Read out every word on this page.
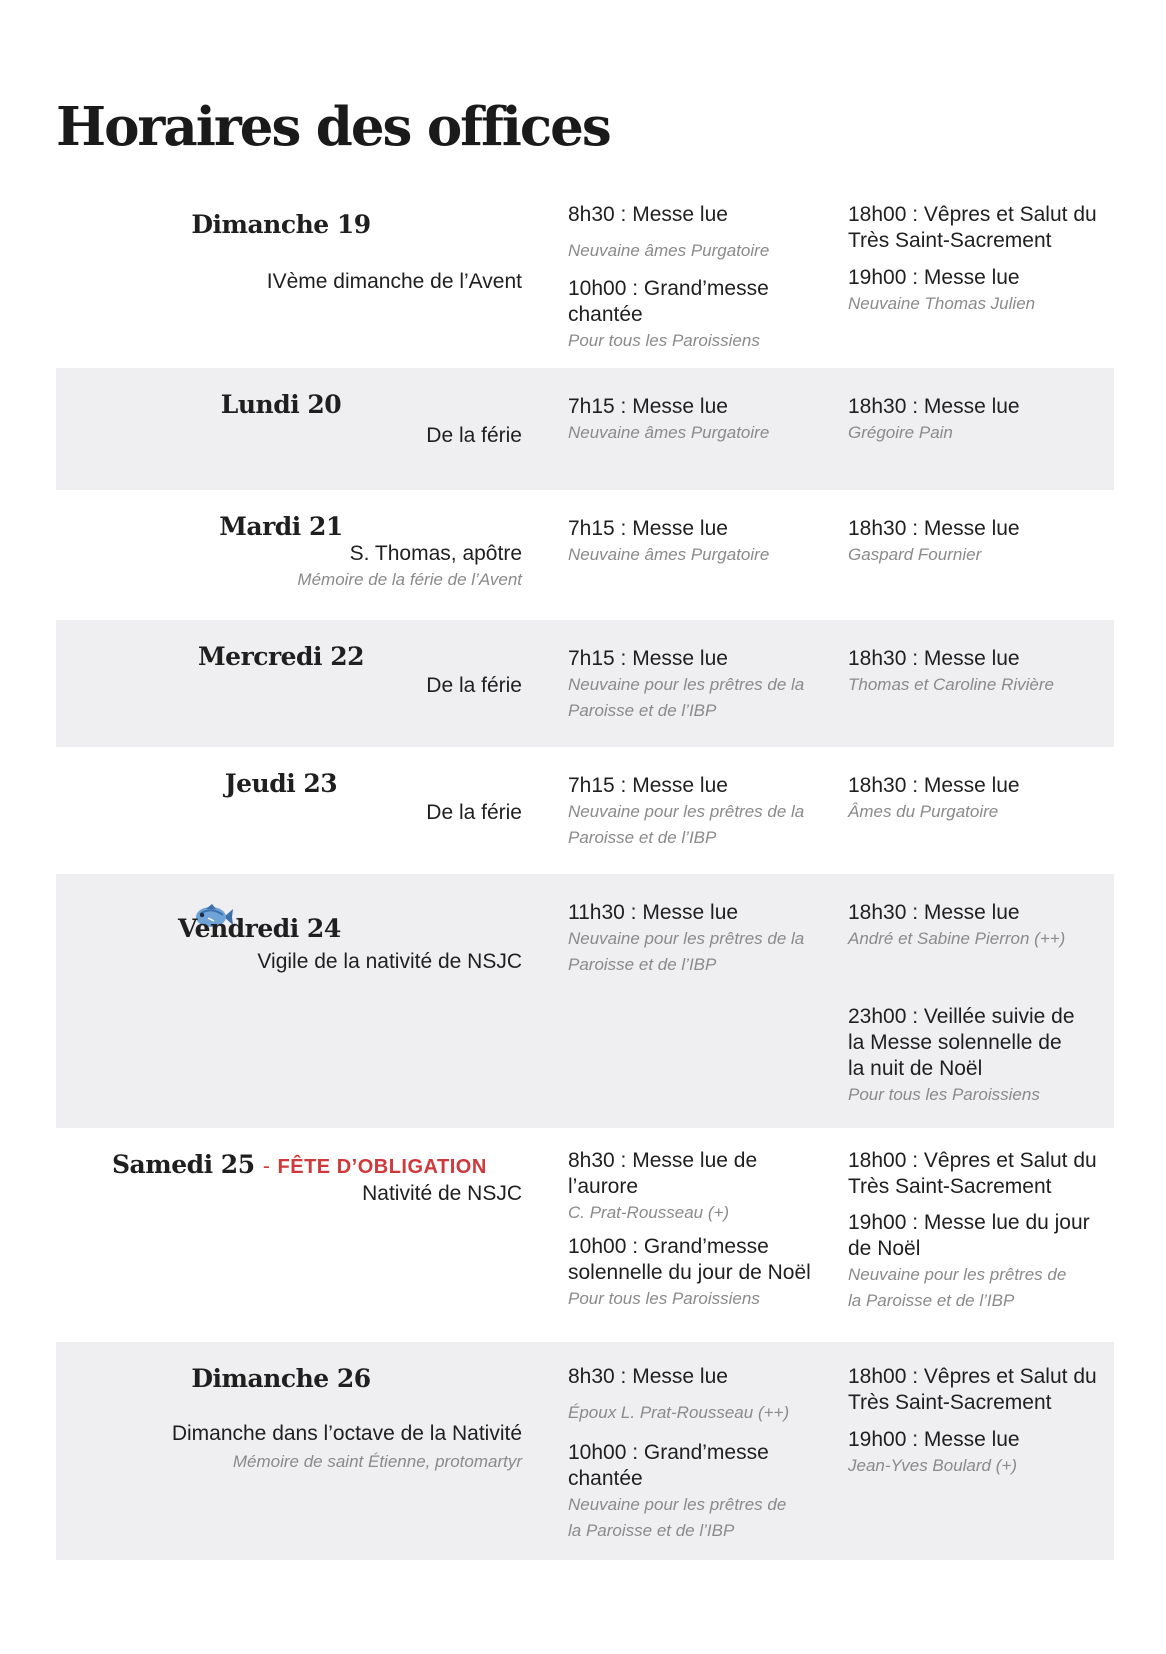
Horaires des offices
Dimanche 19
IVème dimanche de l’Avent
8h30 : Messe lue
Neuvaine âmes Purgatoire
10h00 : Grand’messe chantée
Pour tous les Paroissiens
18h00 : Vêpres et Salut du Très Saint-Sacrement
19h00 : Messe lue
Neuvaine Thomas Julien
Lundi 20
De la férie
7h15 : Messe lue
Neuvaine âmes Purgatoire
18h30 : Messe lue
Grégoire Pain
Mardi 21
S. Thomas, apôtre
Mémoire de la férie de l’Avent
7h15 : Messe lue
Neuvaine âmes Purgatoire
18h30 : Messe lue
Gaspard Fournier
Mercredi 22
De la férie
7h15 : Messe lue
Neuvaine pour les prêtres de la Paroisse et de l’IBP
18h30 : Messe lue
Thomas et Caroline Rivière
Jeudi 23
De la férie
7h15 : Messe lue
Neuvaine pour les prêtres de la Paroisse et de l’IBP
18h30 : Messe lue
Âmes du Purgatoire
Vendredi 24
Vigile de la nativité de NSJC
11h30 : Messe lue
Neuvaine pour les prêtres de la Paroisse et de l’IBP
18h30 : Messe lue
André et Sabine Pierron (++)
23h00 : Veillée suivie de la Messe solennelle de la nuit de Noël
Pour tous les Paroissiens
Samedi 25 - FÊTE D’OBLIGATION
Nativité de NSJC
8h30 : Messe lue de l’aurore
C. Prat-Rousseau (+)
10h00 : Grand’messe solennelle du jour de Noël
Pour tous les Paroissiens
18h00 : Vêpres et Salut du Très Saint-Sacrement
19h00 : Messe lue du jour de Noël
Neuvaine pour les prêtres de la Paroisse et de l’IBP
Dimanche 26
Dimanche dans l’octave de la Nativité
Mémoire de saint Étienne, protomartyr
8h30 : Messe lue
Époux L. Prat-Rousseau (++)
10h00 : Grand’messe chantée
Neuvaine pour les prêtres de la Paroisse et de l’IBP
18h00 : Vêpres et Salut du Très Saint-Sacrement
19h00 : Messe lue
Jean-Yves Boulard (+)
